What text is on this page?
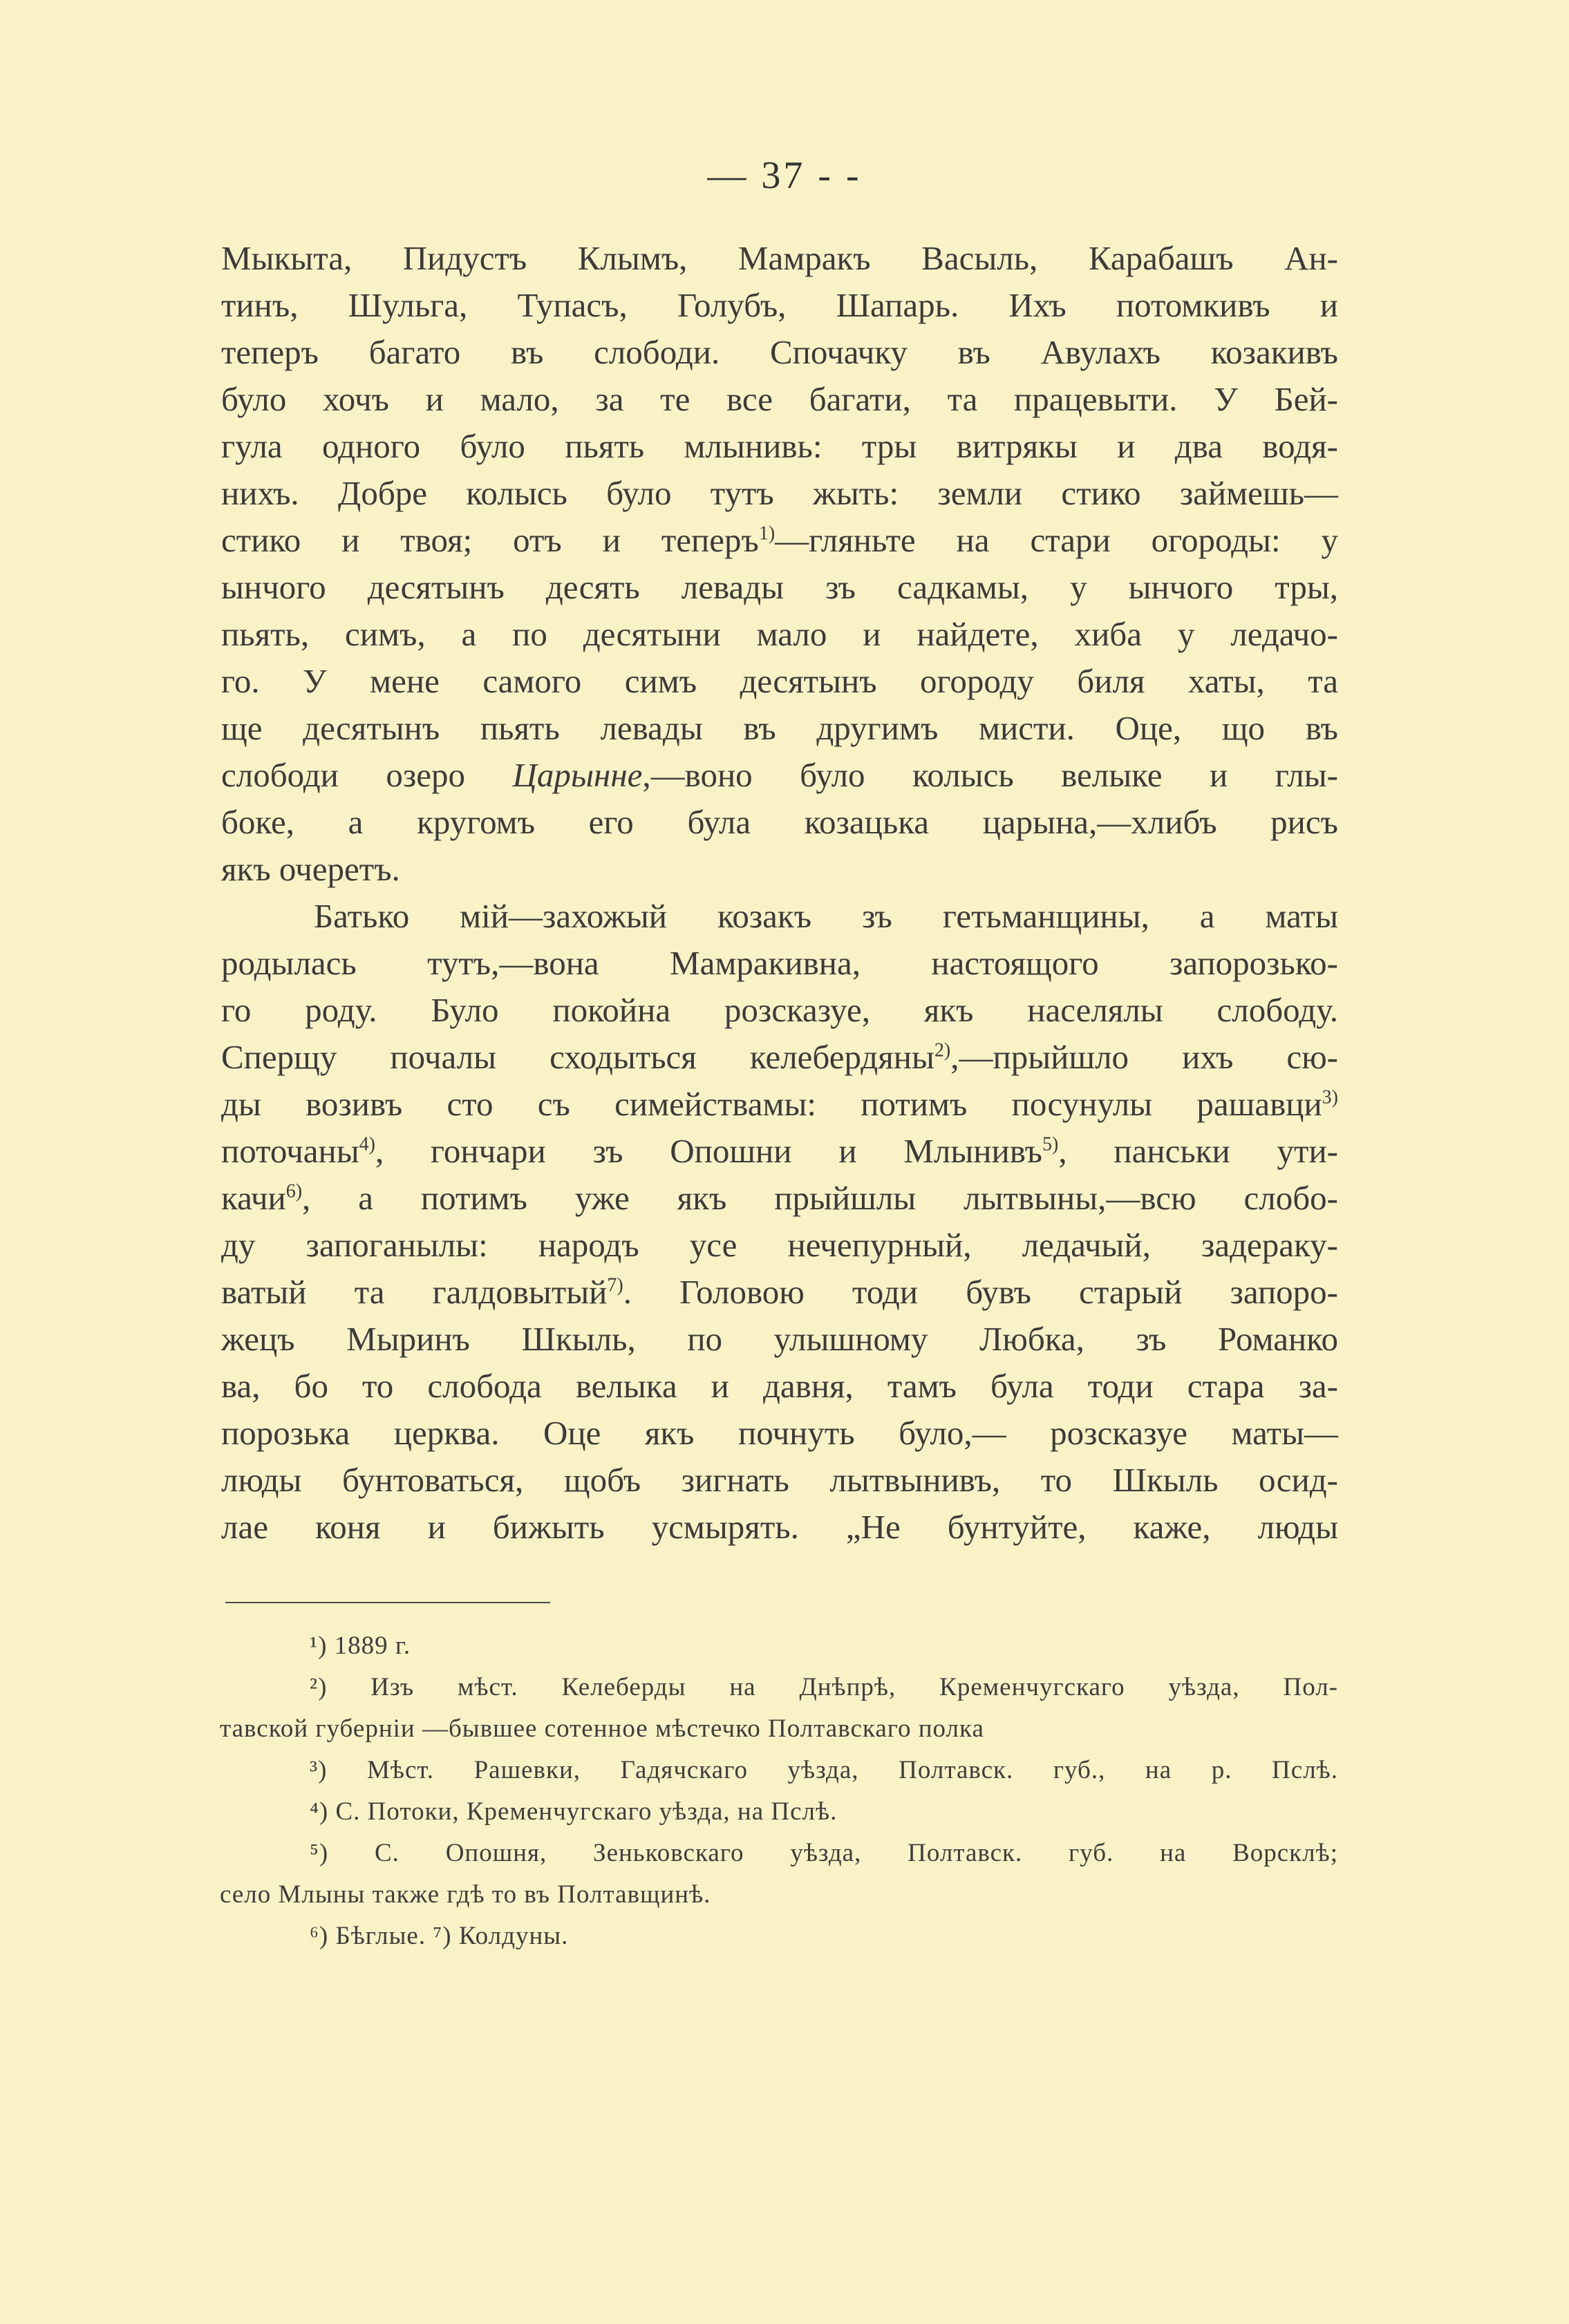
— 37 - -
Мыкыта, Пидустъ Клымъ, Мамракъ Васыль, Карабашъ Ан-
тинъ, Шульга, Тупасъ, Голубъ, Шапарь. Ихъ потомкивъ и
теперъ багато въ слободи. Спочачку въ Авулахъ козакивъ
було хочъ и мало, за те все багати, та працевыти. У Бей-
гула одного було пьять млынивь: тры витрякы и два водя-
нихъ. Добре колысь було тутъ жыть: земли стико займешь—
стико и твоя; отъ и теперъ$^{1)}$—гляньте на стари огороды: у
ынчого десятынъ десять левады зъ садкамы, у ынчого тры,
пьять, симъ, а по десятыни мало и найдете, хиба у ледачо-
го. У мене самого симъ десятынъ огороду биля хаты, та
ще десятынъ пьять левады въ другимъ мисти. Оце, що въ
слободи озеро Царынне,—воно було колысь велыке и глы-
боке, а кругомъ его була козацька царына,—хлибъ рисъ
якъ очеретъ.
Батько мій—захожый козакъ зъ гетьманщины, а маты
родылась тутъ,—вона Мамракивна, настоящого запорозько-
го роду. Було покойна розсказуе, якъ населялы слободу.
Сперщу почалы сходыться келебердяны$^{2)}$,—прыйшло ихъ сю-
ды возивъ сто съ симействамы: потимъ посунулы рашавци$^{3)}$
поточаны$^{4)}$, гончари зъ Опошни и Млынивъ$^{5)}$, панськи ути-
качи$^{6)}$, а потимъ уже якъ прыйшлы лытвыны,—всю слобо-
ду запоганылы: народъ усе нечепурный, ледачый, задераку-
ватый та галдовытый$^{7)}$. Головою тоди бувъ старый запоро-
жецъ Мыринъ Шкыль, по улышному Любка, зъ Романко
ва, бо то слобода велыка и давня, тамъ була тоди стара за-
порозька церква. Оце якъ почнуть було,— розсказуе маты—
люды бунтоваться, щобъ зигнать лытвынивъ, то Шкыль осид-
лае коня и бижыть усмырять. „Не бунтуйте, каже, люды
¹) 1889 г.
²) Изъ мѣст. Келеберды на Днѣпрѣ, Кременчугскаго уѣзда, Пол-
тавской губерніи —бывшее сотенное мѣстечко Полтавскаго полка
³) Мѣст. Рашевки, Гадячскаго уѣзда, Полтавск. губ., на р. Пслѣ.
⁴) С. Потоки, Кременчугскаго уѣзда, на Пслѣ.
⁵) С. Опошня, Зеньковскаго уѣзда, Полтавск. губ. на Ворсклѣ;
село Млыны также гдѣ то въ Полтавщинѣ.
⁶) Бѣглые. ⁷) Колдуны.
